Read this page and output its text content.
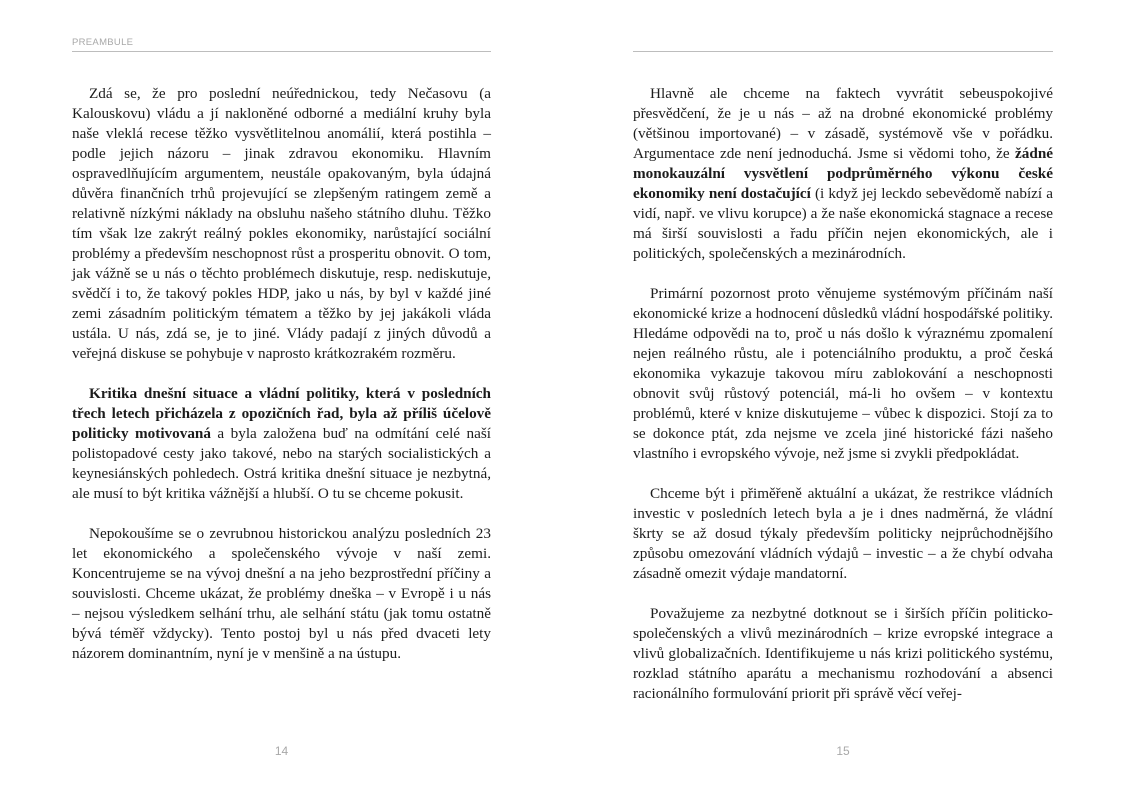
PREAMBULE

Zdá se, že pro poslední neúřednickou, tedy Nečasovu (a Kalouskovu) vládu a jí nakloněné odborné a mediální kruhy byla naše vleklá recese těžko vysvětlitelnou anomálií, která postihla – podle jejich názoru – jinak zdravou ekonomiku. Hlavním ospravedlňujícím argumentem, neustále opakovaným, byla údajná důvěra finančních trhů projevující se zlepšeným ratingem země a relativně nízkými náklady na obsluhu našeho státního dluhu. Těžko tím však lze zakrýt reálný pokles ekonomiky, narůstající sociální problémy a především neschopnost růst a prosperitu obnovit. O tom, jak vážně se u nás o těchto problémech diskutuje, resp. nediskutuje, svědčí i to, že takový pokles HDP, jako u nás, by byl v každé jiné zemi zásadním politickým tématem a těžko by jej jakákoli vláda ustála. U nás, zdá se, je to jiné. Vlády padají z jiných důvodů a veřejná diskuse se pohybuje v naprosto krátkozrakém rozměru.

Kritika dnešní situace a vládní politiky, která v posledních třech letech přicházela z opozičních řad, byla až příliš účelově politicky motivovaná a byla založena buď na odmítání celé naší polistopadové cesty jako takové, nebo na starých socialistických a keynesiánských pohledech. Ostrá kritika dnešní situace je nezbytná, ale musí to být kritika vážnější a hlubší. O tu se chceme pokusit.

Nepokoušíme se o zevrubnou historickou analýzu posledních 23 let ekonomického a společenského vývoje v naší zemi. Koncentrujeme se na vývoj dnešní a na jeho bezprostřední příčiny a souvislosti. Chceme ukázat, že problémy dneška – v Evropě i u nás – nejsou výsledkem selhání trhu, ale selhání státu (jak tomu ostatně bývá téměř vždycky). Tento postoj byl u nás před dvaceti lety názorem dominantním, nyní je v menšině a na ústupu.

14

Hlavně ale chceme na faktech vyvrátit sebeuspokojivé přesvědčení, že je u nás – až na drobné ekonomické problémy (většinou importované) – v zásadě, systémově vše v pořádku. Argumentace zde není jednoduchá. Jsme si vědomi toho, že žádné monokauzální vysvětlení podprůměrného výkonu české ekonomiky není dostačující (i když jej leckdo sebevědomě nabízí a vidí, např. ve vlivu korupce) a že naše ekonomická stagnace a recese má širší souvislosti a řadu příčin nejen ekonomických, ale i politických, společenských a mezinárodních.

Primární pozornost proto věnujeme systémovým příčinám naší ekonomické krize a hodnocení důsledků vládní hospodářské politiky. Hledáme odpovědi na to, proč u nás došlo k výraznému zpomalení nejen reálného růstu, ale i potenciálního produktu, a proč česká ekonomika vykazuje takovou míru zablokování a neschopnosti obnovit svůj růstový potenciál, má-li ho ovšem – v kontextu problémů, které v knize diskutujeme – vůbec k dispozici. Stojí za to se dokonce ptát, zda nejsme ve zcela jiné historické fázi našeho vlastního i evropského vývoje, než jsme si zvykli předpokládat.

Chceme být i přiměřeně aktuální a ukázat, že restrikce vládních investic v posledních letech byla a je i dnes nadměrná, že vládní škrty se až dosud týkaly především politicky nejprůchodnějšího způsobu omezování vládních výdajů – investic – a že chybí odvaha zásadně omezit výdaje mandatorní.

Považujeme za nezbytné dotknout se i širších příčin politicko-společenských a vlivů mezinárodních – krize evropské integrace a vlivů globalizačních. Identifikujeme u nás krizi politického systému, rozklad státního aparátu a mechanismu rozhodování a absenci racionálního formulování priorit při správě věcí veřej-

15
